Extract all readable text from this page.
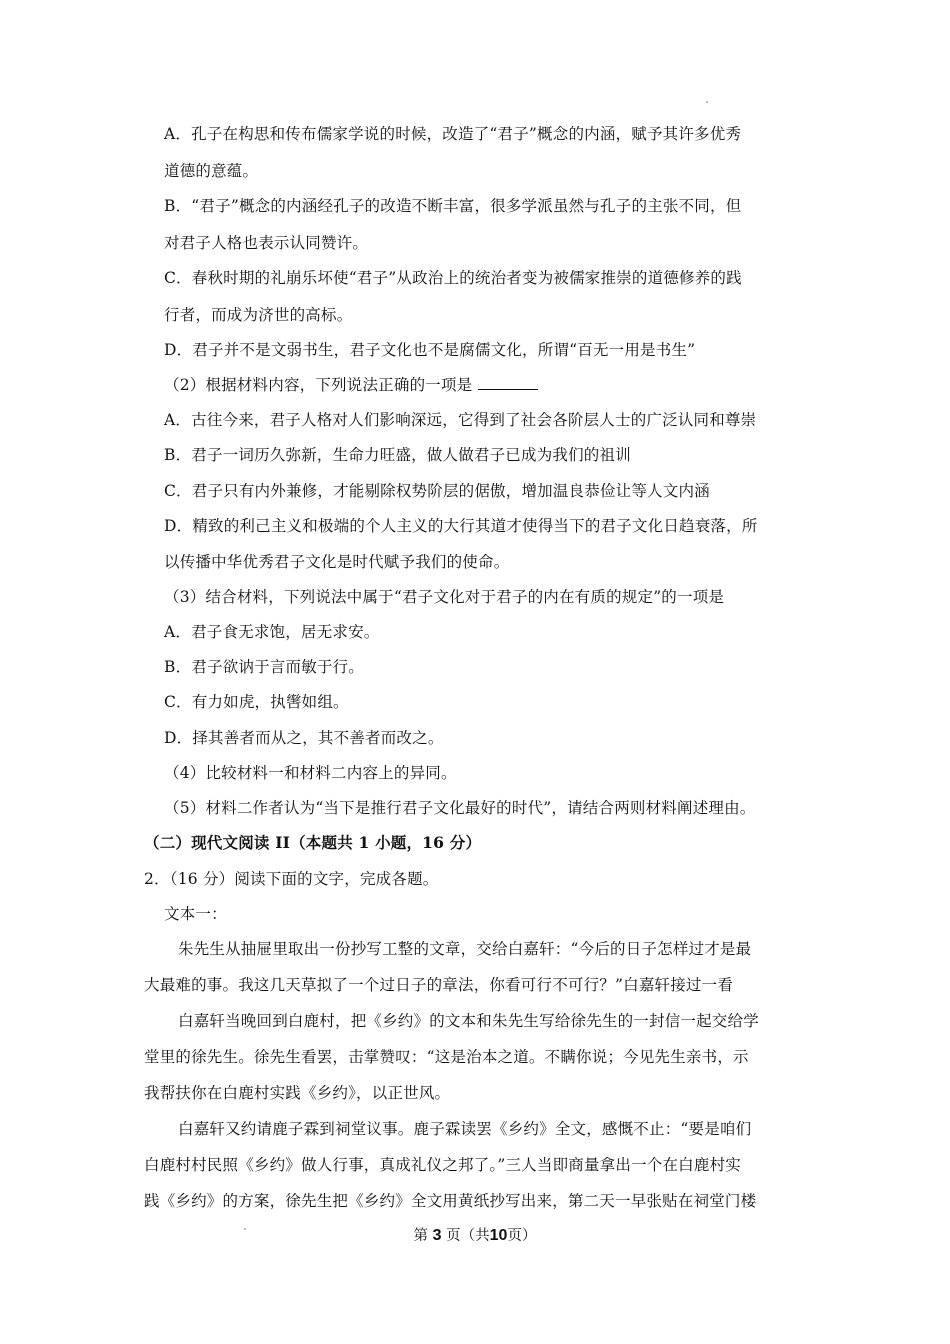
A．孔子在构思和传布儒家学说的时候，改造了“君子”概念的内涵，赋予其许多优秀
道德的意蕴。
B．“君子”概念的内涵经孔子的改造不断丰富，很多学派虽然与孔子的主张不同，但
对君子人格也表示认同赞许。
C．春秋时期的礼崩乐坏使“君子”从政治上的统治者变为被儒家推崇的道德修养的践
行者，而成为济世的高标。
D．君子并不是文弱书生，君子文化也不是腐儒文化，所谓“百无一用是书生”
（2）根据材料内容，下列说法正确的一项是
A．古往今来，君子人格对人们影响深远，它得到了社会各阶层人士的广泛认同和尊崇
B．君子一词历久弥新，生命力旺盛，做人做君子已成为我们的祖训
C．君子只有内外兼修，才能剔除权势阶层的倨傲，增加温良恭俭让等人文内涵
D．精致的利己主义和极端的个人主义的大行其道才使得当下的君子文化日趋衰落，所
以传播中华优秀君子文化是时代赋予我们的使命。
（3）结合材料，下列说法中属于“君子文化对于君子的内在有质的规定”的一项是
A．君子食无求饱，居无求安。
B．君子欲讷于言而敏于行。
C．有力如虎，执辔如组。
D．择其善者而从之，其不善者而改之。
（4）比较材料一和材料二内容上的异同。
（5）材料二作者认为“当下是推行君子文化最好的时代”，请结合两则材料阐述理由。
（二）现代文阅读 II（本题共 1 小题，16 分）
2．（16 分）阅读下面的文字，完成各题。
文本一：
朱先生从抽屉里取出一份抄写工整的文章，交给白嘉轩：“今后的日子怎样过才是最
大最难的事。我这几天草拟了一个过日子的章法，你看可行不可行？”白嘉轩接过一看
白嘉轩当晚回到白鹿村，把《乡约》的文本和朱先生写给徐先生的一封信一起交给学
堂里的徐先生。徐先生看罢，击掌赞叹：“这是治本之道。不瞒你说；今见先生亲书，示
我帮扶你在白鹿村实践《乡约》，以正世风。
白嘉轩又约请鹿子霖到祠堂议事。鹿子霖读罢《乡约》全文，感慨不止：“要是咱们
白鹿村村民照《乡约》做人行事，真成礼仪之邦了。”三人当即商量拿出一个在白鹿村实
践《乡约》的方案，徐先生把《乡约》全文用黄纸抄写出来，第二天一早张贴在祠堂门楼
第 3 页（共10页）
